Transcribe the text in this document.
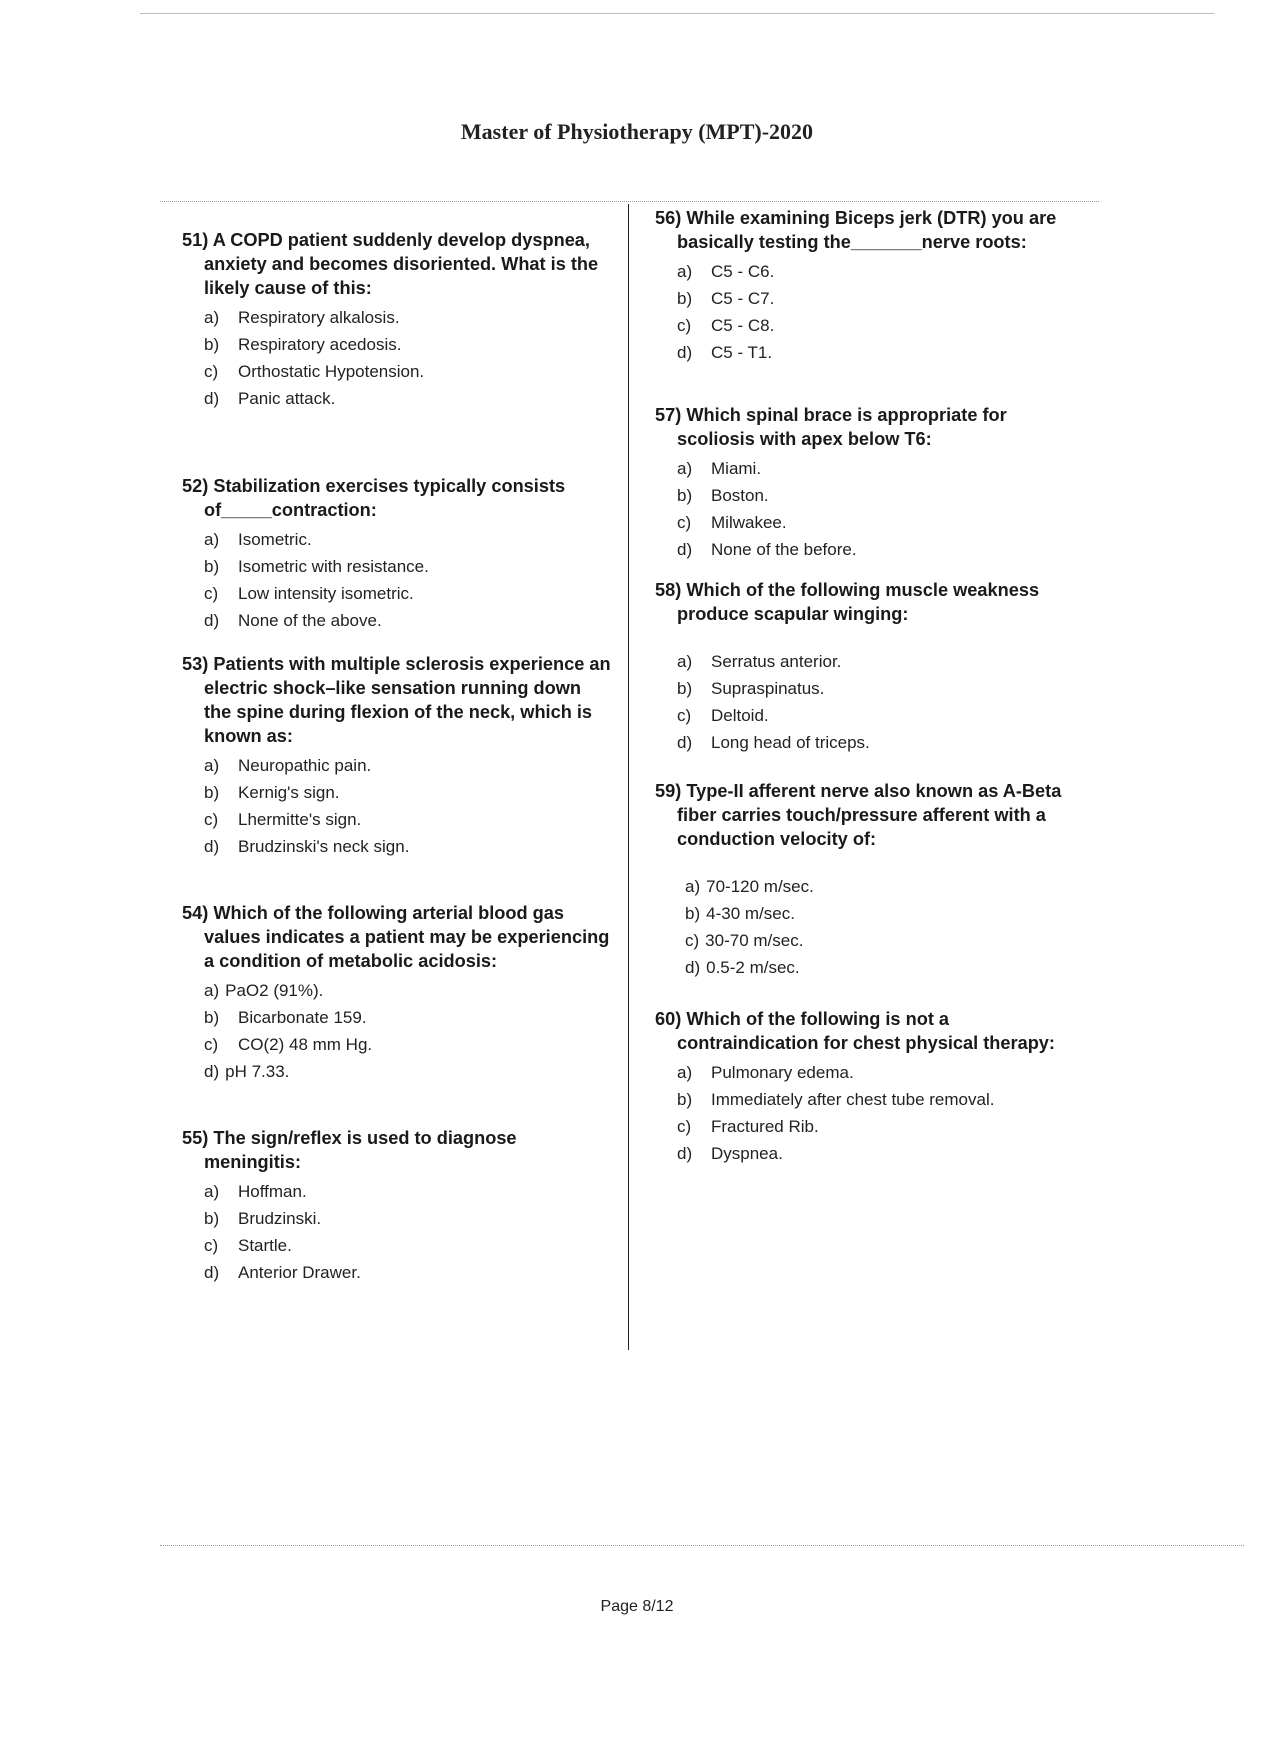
Master of Physiotherapy (MPT)-2020

51) A COPD patient suddenly develop dyspnea, anxiety and becomes disoriented. What is the likely cause of this:

a) Respiratory alkalosis.
b) Respiratory acedosis.
c) Orthostatic Hypotension.
d) Panic attack.

52) Stabilization exercises typically consists of_____contraction:

a) Isometric.
b) Isometric with resistance.
c) Low intensity isometric.
d) None of the above.

53) Patients with multiple sclerosis experience an electric shock–like sensation running down the spine during flexion of the neck, which is known as:

a) Neuropathic pain.
b) Kernig's sign.
c) Lhermitte's sign.
d) Brudzinski's neck sign.

54) Which of the following arterial blood gas values indicates a patient may be experiencing a condition of metabolic acidosis:

a) PaO2 (91%).
b) Bicarbonate 159.
c) CO(2) 48 mm Hg.
d) pH 7.33.

55) The sign/reflex is used to diagnose meningitis:

a) Hoffman.
b) Brudzinski.
c) Startle.
d) Anterior Drawer.

56) While examining Biceps jerk (DTR) you are basically testing the_______nerve roots:

a) C5 - C6.
b) C5 - C7.
c) C5 - C8.
d) C5 - T1.

57) Which spinal brace is appropriate for scoliosis with apex below T6:

a) Miami.
b) Boston.
c) Milwakee.
d) None of the before.

58) Which of the following muscle weakness produce scapular winging:

a) Serratus anterior.
b) Supraspinatus.
c) Deltoid.
d) Long head of triceps.

59) Type-II afferent nerve also known as A-Beta fiber carries touch/pressure afferent with a conduction velocity of:

a) 70-120 m/sec.
b) 4-30 m/sec.
c) 30-70 m/sec.
d) 0.5-2 m/sec.

60) Which of the following is not a contraindication for chest physical therapy:

a) Pulmonary edema.
b) Immediately after chest tube removal.
c) Fractured Rib.
d) Dyspnea.
Page 8/12
